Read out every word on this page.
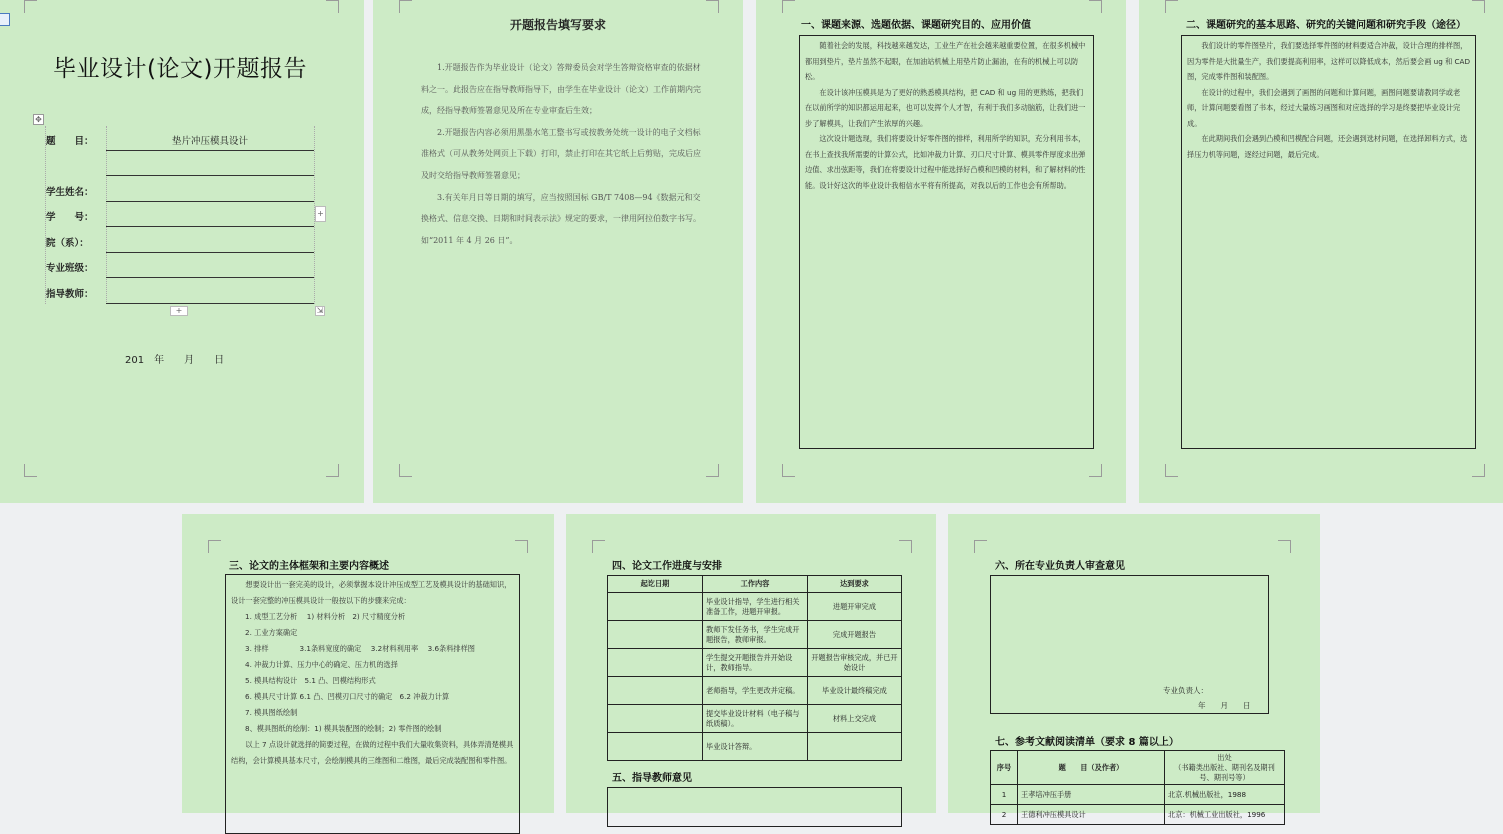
毕业设计(论文)开题报告
✥
题　　目：	垫片冲压模具设计
学生姓名：
学　　号：
院（系）：
专业班级：
指导教师：
+
+	⇲
201　年　　月　　日
开题报告填写要求

1.开题报告作为毕业设计（论文）答辩委员会对学生答辩资格审查的依据材料之一。此报告应在指导教师指导下，由学生在毕业设计（论文）工作前期内完成，经指导教师签署意见及所在专业审查后生效；

2.开题报告内容必须用黑墨水笔工整书写或按教务处统一设计的电子文档标准格式（可从教务处网页上下载）打印，禁止打印在其它纸上后剪贴，完成后应及时交给指导教师签署意见；

3.有关年月日等日期的填写，应当按照国标 GB/T 7408—94《数据元和交换格式、信息交换、日期和时间表示法》规定的要求，一律用阿拉伯数字书写。如“2011 年 4 月 26 日”。

一、课题来源、选题依据、课题研究目的、应用价值

随着社会的发展，科技越来越发达，工业生产在社会越来越重要位置，在很多机械中都用到垫片，垫片虽然不起眼，在加油站机械上用垫片防止漏油，在有的机械上可以防松。

在设计该冲压模具是为了更好的熟悉模具结构，把 CAD 和 ug 用的更熟练，把我们在以前所学的知识都运用起来，也可以发挥个人才智，有利于我们多动脑筋，让我们进一步了解模具，让我们产生浓厚的兴趣。

这次设计题选现，我们将要设计好零件图的排样，利用所学的知识，充分利用书本，在书上查找我所需要的计算公式，比如冲裁力计算、刃口尺寸计算、模具零件厚度求出弹边值、求出弦距等，我们在将要设计过程中能选择好凸模和凹模的材料，和了解材料的性能。设计好这次的毕业设计我相信水平将有所提高，对我以后的工作也会有所帮助。

二、课题研究的基本思路、研究的关键问题和研究手段（途径）

我们设计的零件图垫片，我们要选择零件图的材料要适合冲裁，设计合理的排样图，因为零件是大批量生产，我们要提高利用率，这样可以降低成本，然后要会画 ug 和 CAD 图，完成零件图和装配图。

在设计的过程中，我们会遇到了画图的问题和计算问题，画图问题要请教同学或老师，计算问题要看图了书本，经过大量练习画图和对应选择的学习是终要把毕业设计完成。

在此期间我们会遇到凸模和凹模配合问题，还会遇到选材问题，在选择卸料方式，选择压力机等问题，逐经过问题，最后完成。

三、论文的主体框架和主要内容概述

想要设计出一套完美的设计，必须掌握本设计冲压成型工艺及模具设计的基础知识，设计一套完整的冲压模具设计一般按以下的步骤来完成：

1. 成型工艺分析　 1) 材料分析　2) 尺寸精度分析
2. 工业方案确定
3. 排样　　　　 3.1条料宽度的确定　 3.2材料利用率　 3.6条料排样图
4. 冲裁力计算、压力中心的确定、压力机的选择
5. 模具结构设计　5.1 凸、凹模结构形式
6. 模具尺寸计算 6.1 凸、凹模刃口尺寸的确定　6.2 冲裁力计算
7. 模具图纸绘制
8、模具图纸的绘制：1) 模具装配图的绘制；2) 零件图的绘制

以上 7 点设计就选择的简要过程，在做的过程中我们大量收集资料，具体弄清楚模具结构，会计算模具基本尺寸，会绘制模具的三维图和二维图，最后完成装配图和零件图。

四、论文工作进度与安排
起讫日期	工作内容	达到要求
	毕业设计指导，学生进行相关准备工作，进题开审报。	进题开审完成
	教师下发任务书，学生完成开题报告，教师审报。	完成开题报告
	学生提交开题报告并开始设计，教师指导。	开题报告审核完成，并已开始设计
	老师指导，学生更改并定稿。	毕业设计最终稿完成
	提交毕业设计材料（电子稿与纸质稿）。	材料上交完成
	毕业设计答辩。	
五、指导教师意见
六、所在专业负责人审查意见
专业负责人：
年　　月　　日
七、参考文献阅读清单（要求 8 篇以上）
序号	题　　目（及作者）	出处
（书籍类出版社、期刊名及期刊号、期刊号等）
1	王孝培冲压手册	北京.机械出版社，1988
2	王德利冲压模具设计	北京：机械工业出版社，1996
